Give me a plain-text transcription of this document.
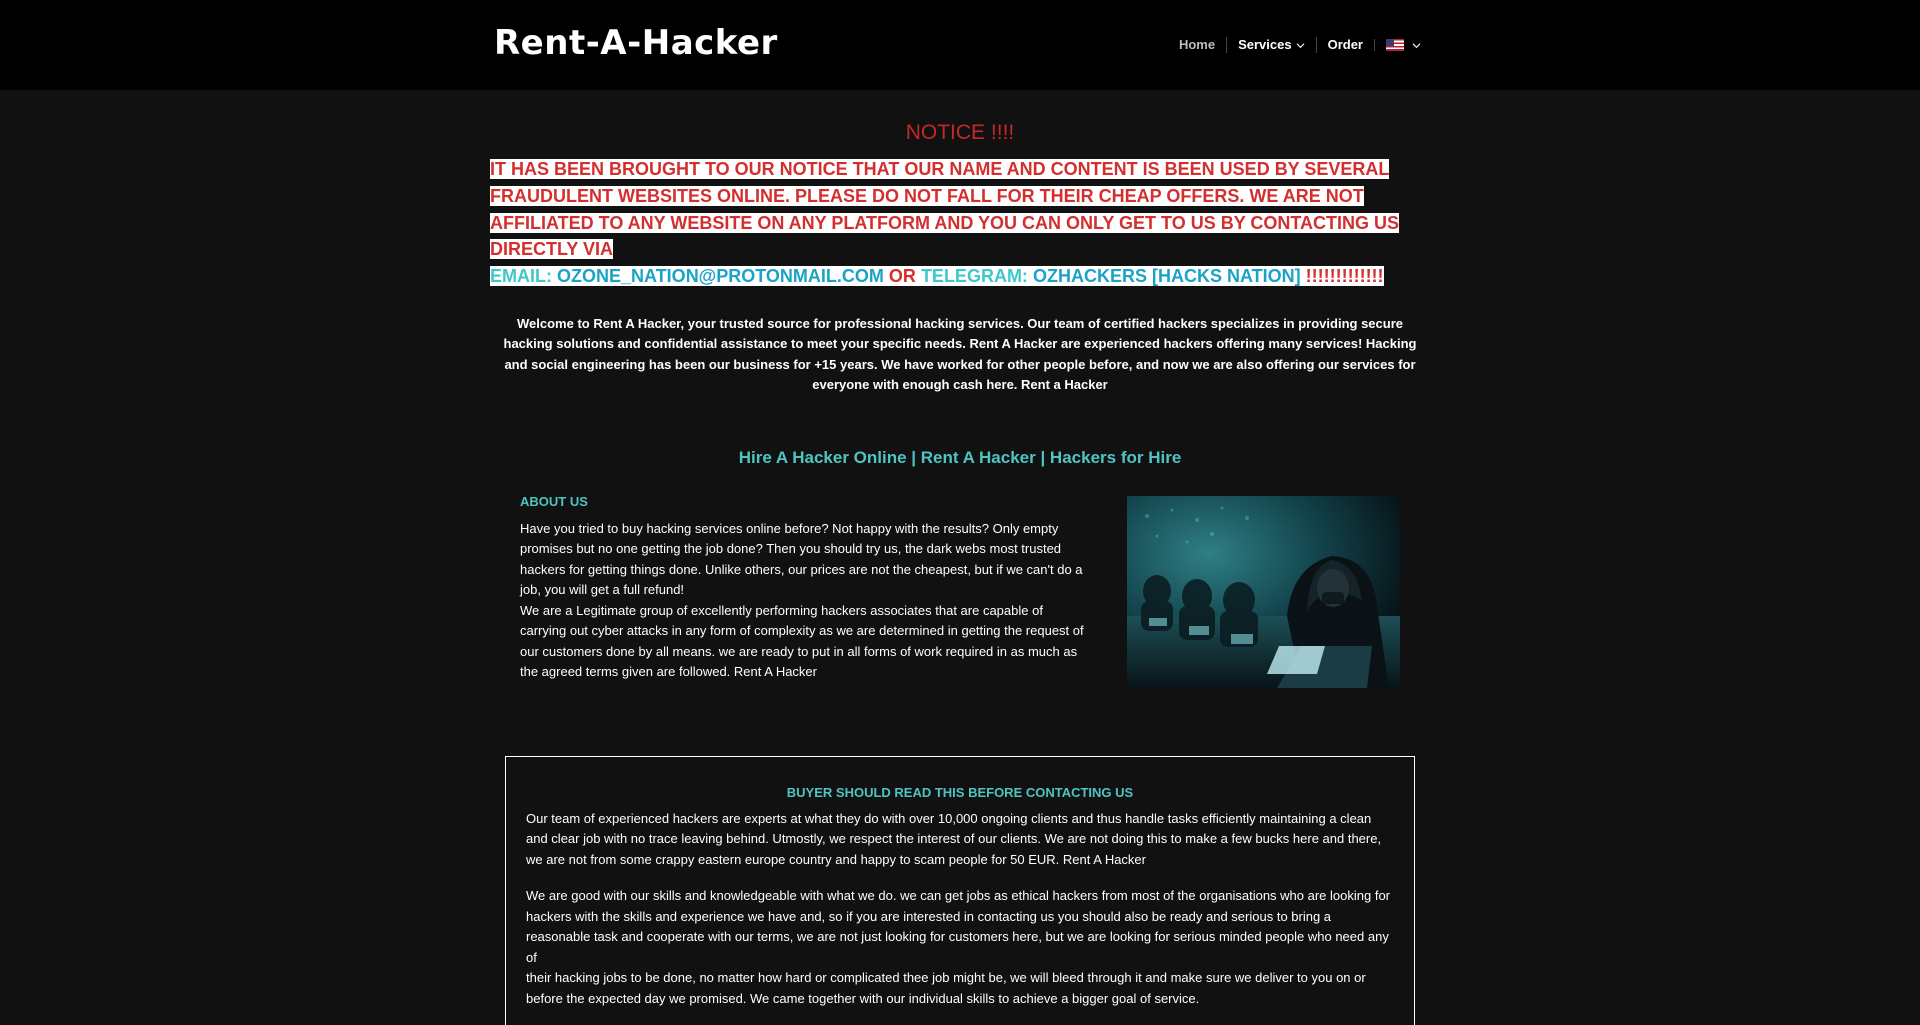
Rent-A-Hacker	Home Services	Order
NOTICE !!!!
IT HAS BEEN BROUGHT TO OUR NOTICE THAT OUR NAME AND CONTENT IS BEEN USED BY SEVERAL FRAUDULENT WEBSITES ONLINE. PLEASE DO NOT FALL FOR THEIR CHEAP OFFERS. WE ARE NOT AFFILIATED TO ANY WEBSITE ON ANY PLATFORM AND YOU CAN ONLY GET TO US BY CONTACTING US DIRECTLY VIA
EMAIL: OZONE_NATION@PROTONMAIL.COM OR TELEGRAM: OZHACKERS [HACKS NATION] !!!!!!!!!!!!!
Welcome to Rent A Hacker, your trusted source for professional hacking services. Our team of certified hackers specializes in providing secure hacking solutions and confidential assistance to meet your specific needs. Rent A Hacker are experienced hackers offering many services! Hacking and social engineering has been our business for +15 years. We have worked for other people before, and now we are also offering our services for everyone with enough cash here. Rent a Hacker
Hire A Hacker Online | Rent A Hacker | Hackers for Hire
ABOUT US

Have you tried to buy hacking services online before? Not happy with the results? Only empty promises but no one getting the job done? Then you should try us, the dark webs most trusted hackers for getting things done. Unlike others, our prices are not the cheapest, but if we can't do a job, you will get a full refund!

We are a Legitimate group of excellently performing hackers associates that are capable of carrying out cyber attacks in any form of complexity as we are determined in getting the request of our customers done by all means. we are ready to put in all forms of work required in as much as the agreed terms given are followed. Rent A Hacker

BUYER SHOULD READ THIS BEFORE CONTACTING US

Our team of experienced hackers are experts at what they do with over 10,000 ongoing clients and thus handle tasks efficiently maintaining a clean and clear job with no trace leaving behind. Utmostly, we respect the interest of our clients. We are not doing this to make a few bucks here and there, we are not from some crappy eastern europe country and happy to scam people for 50 EUR. Rent A Hacker

We are good with our skills and knowledgeable with what we do. we can get jobs as ethical hackers from most of the organisations who are looking for hackers with the skills and experience we have and, so if you are interested in contacting us you should also be ready and serious to bring a reasonable task and cooperate with our terms, we are not just looking for customers here, but we are looking for serious minded people who need any of
their hacking jobs to be done, no matter how hard or complicated thee job might be, we will bleed through it and make sure we deliver to you on or before the expected day we promised. We came together with our individual skills to achieve a bigger goal of service.
